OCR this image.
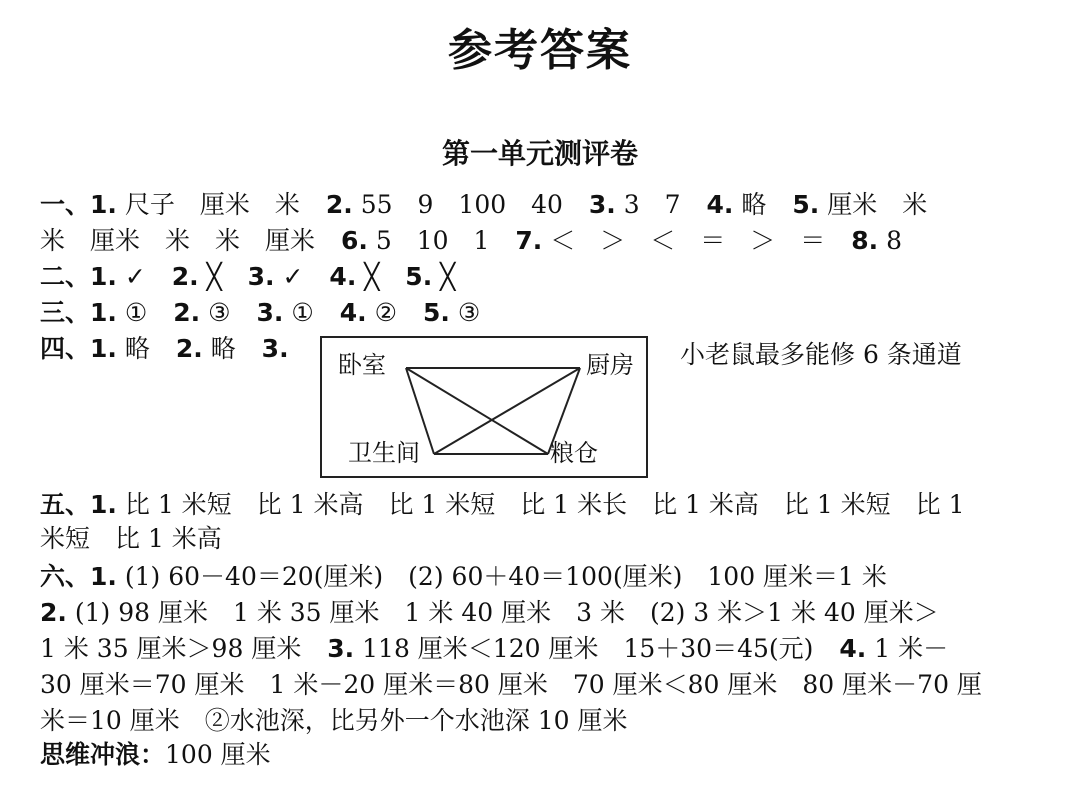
参考答案
第一单元测评卷
一、1. 尺子　厘米　米 2. 55　9　100　40 3. 3　7 4. 略 5. 厘米　米
米　厘米　米　米　厘米 6. 5　10　1 7. ＜　＞　＜　＝　＞　＝ 8. 8
二、1. ✓ 2. ╳ 3. ✓ 4. ╳ 5. ╳
三、1. ① 2. ③ 3. ① 4. ② 5. ③
四、1. 略 2. 略 3.
卧室	厨房
卫生间	粮仓
小老鼠最多能修 6 条通道
五、1. 比 1 米短　比 1 米高　比 1 米短　比 1 米长　比 1 米高　比 1 米短　比 1
米短　比 1 米高
六、1. (1) 60－40＝20(厘米)　(2) 60＋40＝100(厘米)　100 厘米＝1 米
2. (1) 98 厘米　1 米 35 厘米　1 米 40 厘米　3 米　(2) 3 米＞1 米 40 厘米＞
1 米 35 厘米＞98 厘米 3. 118 厘米＜120 厘米　15＋30＝45(元) 4. 1 米－
30 厘米＝70 厘米　1 米－20 厘米＝80 厘米　70 厘米＜80 厘米　80 厘米－70 厘
米＝10 厘米　②水池深，比另外一个水池深 10 厘米
思维冲浪：100 厘米
